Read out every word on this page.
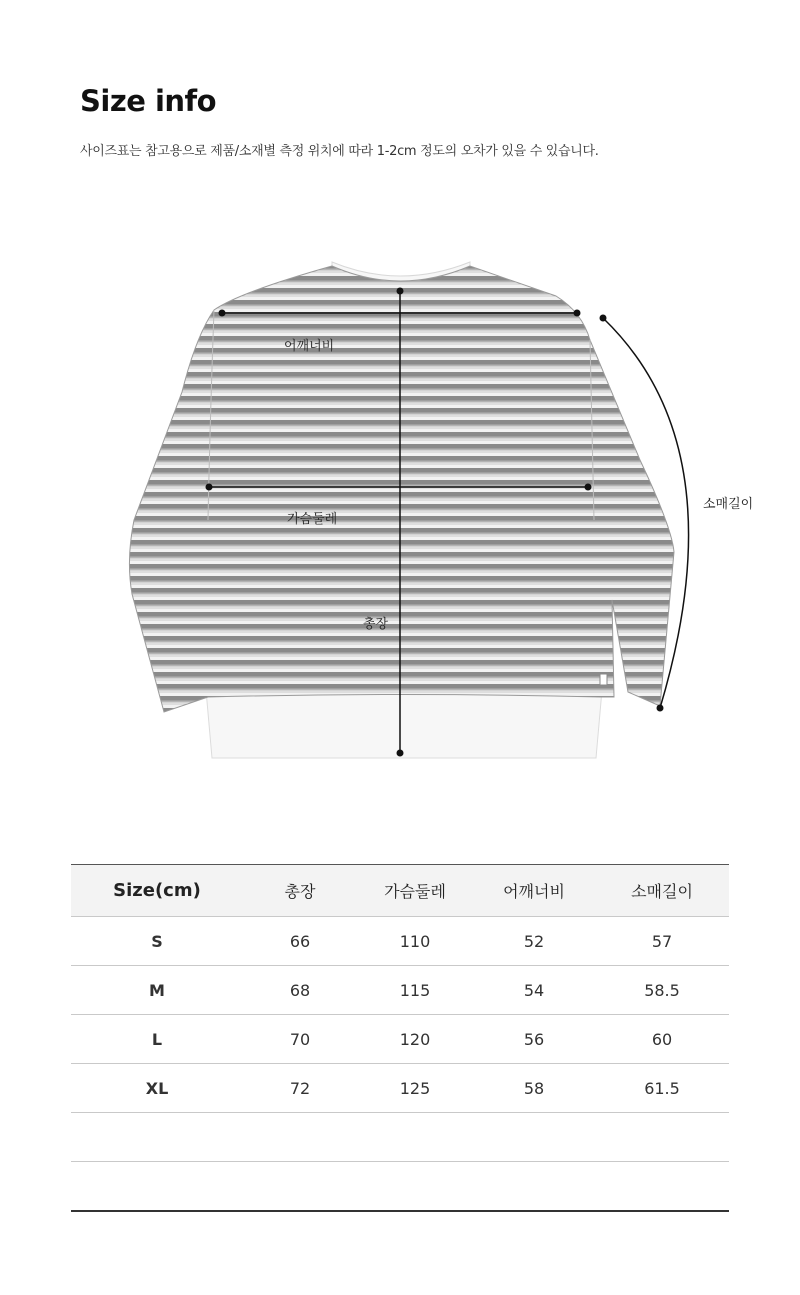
Size info

사이즈표는 참고용으로 제품/소재별 측정 위치에 따라 1-2cm 정도의 오차가 있을 수 있습니다.

어깨너비
가슴둘레
총장
소매길이
Size(cm)	총장	가슴둘레	어깨너비	소매길이
S	66	110	52	57
M	68	115	54	58.5
L	70	120	56	60
XL	72	125	58	61.5
